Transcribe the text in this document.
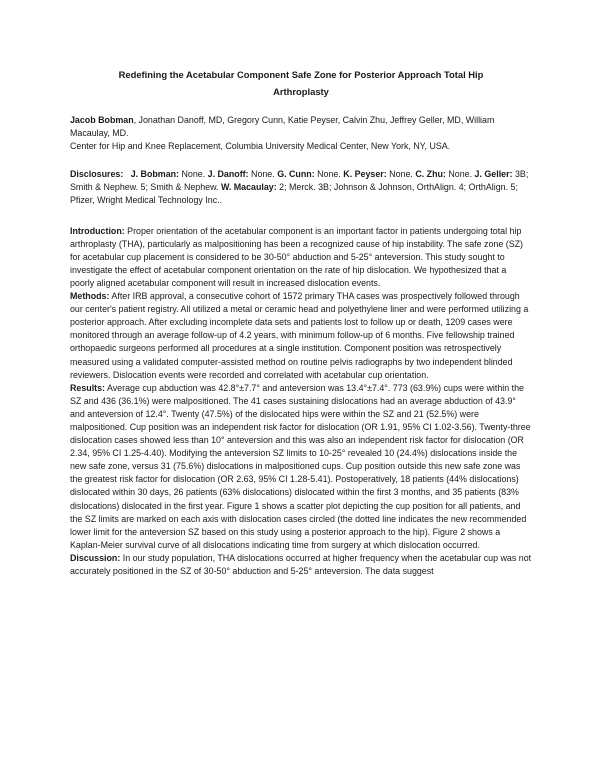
Redefining the Acetabular Component Safe Zone for Posterior Approach Total Hip Arthroplasty
Jacob Bobman, Jonathan Danoff, MD, Gregory Cunn, Katie Peyser, Calvin Zhu, Jeffrey Geller, MD, William Macaulay, MD.
Center for Hip and Knee Replacement, Columbia University Medical Center, New York, NY, USA.
Disclosures: J. Bobman: None. J. Danoff: None. G. Cunn: None. K. Peyser: None. C. Zhu: None. J. Geller: 3B; Smith & Nephew. 5; Smith & Nephew. W. Macaulay: 2; Merck. 3B; Johnson & Johnson, OrthAlign. 4; OrthAlign. 5; Pfizer, Wright Medical Technology Inc..
Introduction: Proper orientation of the acetabular component is an important factor in patients undergoing total hip arthroplasty (THA), particularly as malpositioning has been a recognized cause of hip instability. The safe zone (SZ) for acetabular cup placement is considered to be 30-50° abduction and 5-25° anteversion. This study sought to investigate the effect of acetabular component orientation on the rate of hip dislocation. We hypothesized that a poorly aligned acetabular component will result in increased dislocation events.
Methods: After IRB approval, a consecutive cohort of 1572 primary THA cases was prospectively followed through our center's patient registry. All utilized a metal or ceramic head and polyethylene liner and were performed utilizing a posterior approach. After excluding incomplete data sets and patients lost to follow up or death, 1209 cases were monitored through an average follow-up of 4.2 years, with minimum follow-up of 6 months. Five fellowship trained orthopaedic surgeons performed all procedures at a single institution. Component position was retrospectively measured using a validated computer-assisted method on routine pelvis radiographs by two independent blinded reviewers. Dislocation events were recorded and correlated with acetabular cup orientation.
Results: Average cup abduction was 42.8°±7.7° and anteversion was 13.4°±7.4°. 773 (63.9%) cups were within the SZ and 436 (36.1%) were malpositioned. The 41 cases sustaining dislocations had an average abduction of 43.9° and anteversion of 12.4°. Twenty (47.5%) of the dislocated hips were within the SZ and 21 (52.5%) were malpositioned. Cup position was an independent risk factor for dislocation (OR 1.91, 95% CI 1.02-3.56). Twenty-three dislocation cases showed less than 10° anteversion and this was also an independent risk factor for dislocation (OR 2.34, 95% CI 1.25-4.40). Modifying the anteversion SZ limits to 10-25° revealed 10 (24.4%) dislocations inside the new safe zone, versus 31 (75.6%) dislocations in malpositioned cups. Cup position outside this new safe zone was the greatest risk factor for dislocation (OR 2.63, 95% CI 1.28-5.41). Postoperatively, 18 patients (44% dislocations) dislocated within 30 days, 26 patients (63% dislocations) dislocated within the first 3 months, and 35 patients (83% dislocations) dislocated in the first year. Figure 1 shows a scatter plot depicting the cup position for all patients, and the SZ limits are marked on each axis with dislocation cases circled (the dotted line indicates the new recommended lower limit for the anteversion SZ based on this study using a posterior approach to the hip). Figure 2 shows a Kaplan-Meier survival curve of all dislocations indicating time from surgery at which dislocation occurred.
Discussion: In our study population, THA dislocations occurred at higher frequency when the acetabular cup was not accurately positioned in the SZ of 30-50° abduction and 5-25° anteversion. The data suggest
